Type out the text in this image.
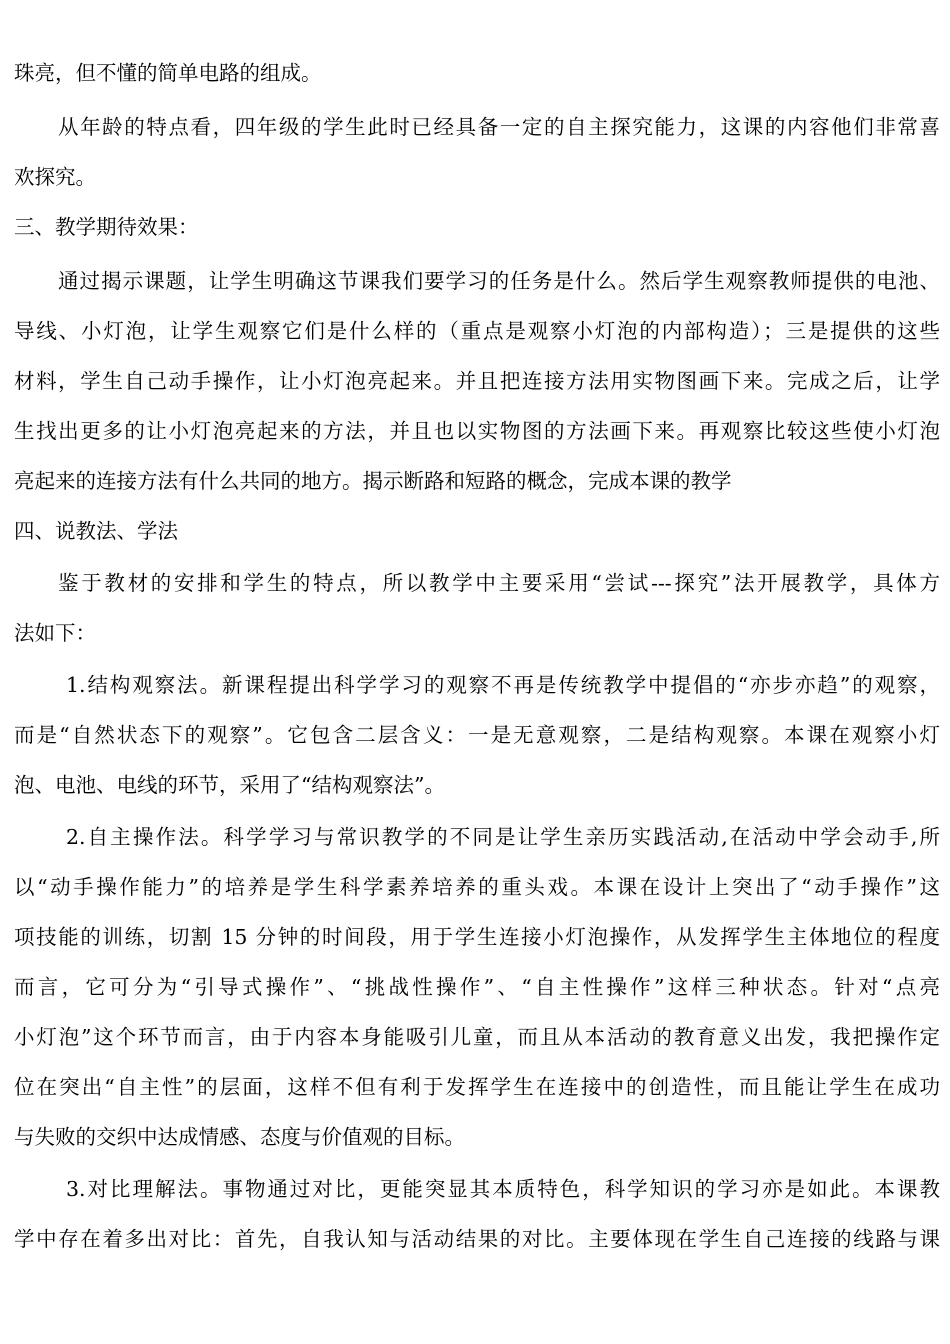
珠亮，但不懂的简单电路的组成。
从年龄的特点看，四年级的学生此时已经具备一定的自主探究能力，这课的内容他们非常喜
欢探究。
三、教学期待效果：
通过揭示课题，让学生明确这节课我们要学习的任务是什么。然后学生观察教师提供的电池、
导线、小灯泡，让学生观察它们是什么样的（重点是观察小灯泡的内部构造）；三是提供的这些
材料，学生自己动手操作，让小灯泡亮起来。并且把连接方法用实物图画下来。完成之后，让学
生找出更多的让小灯泡亮起来的方法，并且也以实物图的方法画下来。再观察比较这些使小灯泡
亮起来的连接方法有什么共同的地方。揭示断路和短路的概念，完成本课的教学
四、说教法、学法
鉴于教材的安排和学生的特点，所以教学中主要采用“尝试---探究”法开展教学，具体方
法如下：
1.结构观察法。新课程提出科学学习的观察不再是传统教学中提倡的“亦步亦趋”的观察，
而是“自然状态下的观察”。它包含二层含义：一是无意观察，二是结构观察。本课在观察小灯
泡、电池、电线的环节，采用了“结构观察法”。
2.自主操作法。科学学习与常识教学的不同是让学生亲历实践活动,在活动中学会动手,所
以“动手操作能力”的培养是学生科学素养培养的重头戏。本课在设计上突出了“动手操作”这
项技能的训练，切割 15 分钟的时间段，用于学生连接小灯泡操作，从发挥学生主体地位的程度
而言，它可分为“引导式操作”、“挑战性操作”、“自主性操作”这样三种状态。针对“点亮
小灯泡”这个环节而言，由于内容本身能吸引儿童，而且从本活动的教育意义出发，我把操作定
位在突出“自主性”的层面，这样不但有利于发挥学生在连接中的创造性，而且能让学生在成功
与失败的交织中达成情感、态度与价值观的目标。
3.对比理解法。事物通过对比，更能突显其本质特色，科学知识的学习亦是如此。本课教
学中存在着多出对比：首先，自我认知与活动结果的对比。主要体现在学生自己连接的线路与课
